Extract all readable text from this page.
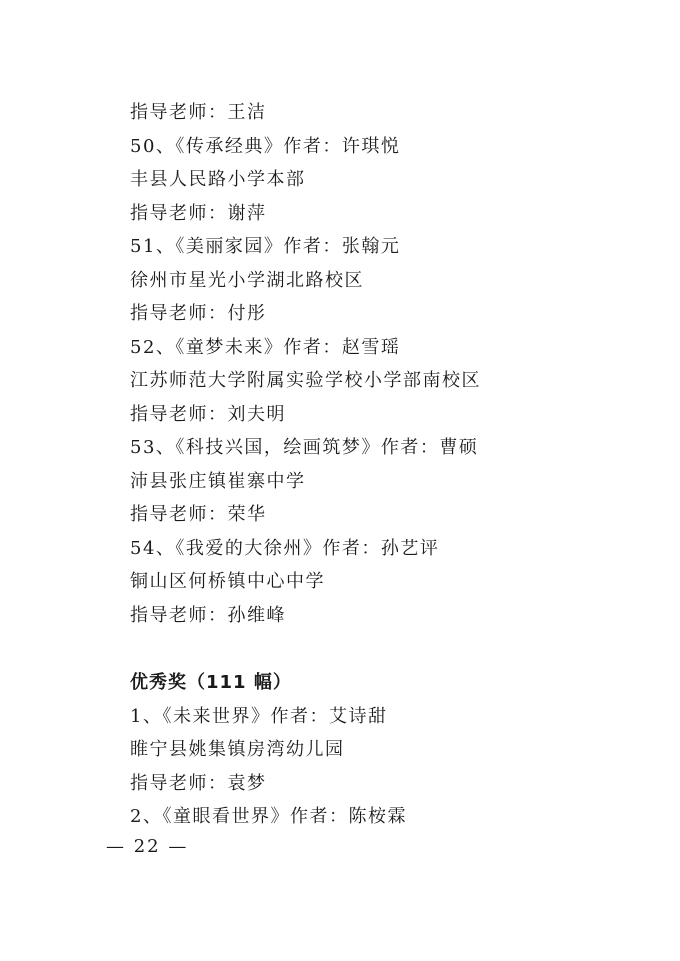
指导老师：王洁
50、《传承经典》作者：许琪悦
丰县人民路小学本部
指导老师：谢萍
51、《美丽家园》作者：张翰元
徐州市星光小学湖北路校区
指导老师：付彤
52、《童梦未来》作者：赵雪瑶
江苏师范大学附属实验学校小学部南校区
指导老师：刘夫明
53、《科技兴国，绘画筑梦》作者：曹硕
沛县张庄镇崔寨中学
指导老师：荣华
54、《我爱的大徐州》作者：孙艺评
铜山区何桥镇中心中学
指导老师：孙维峰
优秀奖（111 幅）
1、《未来世界》作者：艾诗甜
睢宁县姚集镇房湾幼儿园
指导老师：袁梦
2、《童眼看世界》作者：陈桉霖
— 22 —
